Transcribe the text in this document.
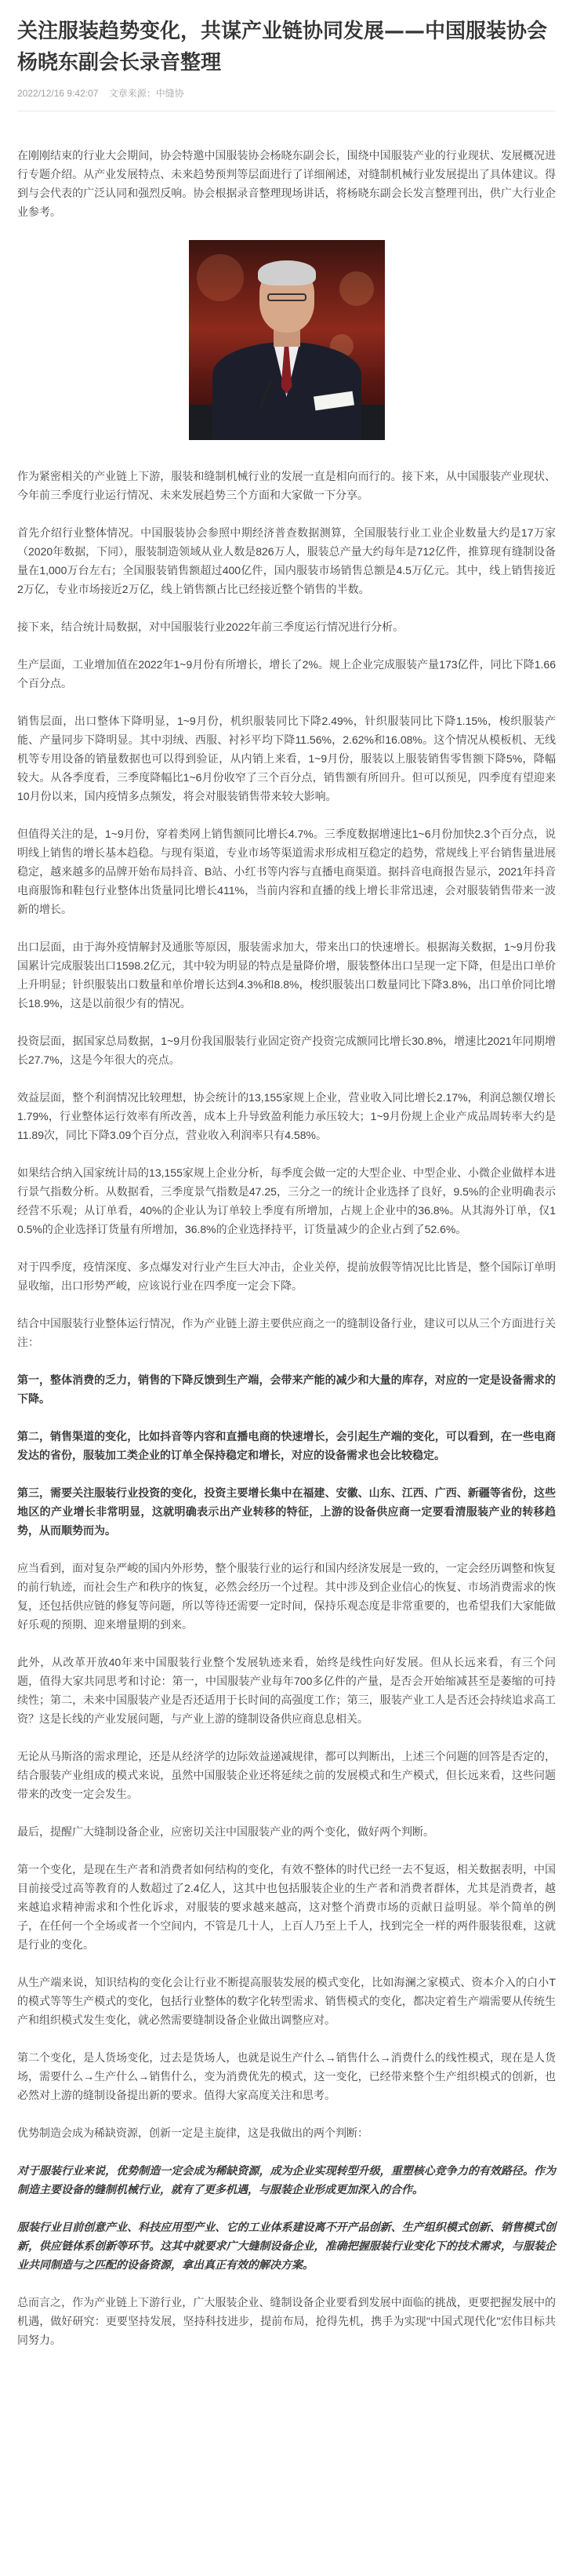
关注服装趋势变化，共谋产业链协同发展——中国服装协会杨晓东副会长录音整理
2022/12/16 9:42:07 文章来源：中缝协

在刚刚结束的行业大会期间，协会特邀中国服装协会杨晓东副会长，围绕中国服装产业的行业现状、发展概况进行专题介绍。从产业发展特点、未来趋势预判等层面进行了详细阐述，对缝制机械行业发展提出了具体建议。得到与会代表的广泛认同和强烈反响。协会根据录音整理现场讲话，将杨晓东副会长发言整理刊出，供广大行业企业参考。

作为紧密相关的产业链上下游，服装和缝制机械行业的发展一直是相向而行的。接下来，从中国服装产业现状、今年前三季度行业运行情况、未来发展趋势三个方面和大家做一下分享。

首先介绍行业整体情况。中国服装协会参照中期经济普查数据测算，全国服装行业工业企业数量大约是17万家（2020年数据，下同），服装制造领域从业人数是826万人，服装总产量大约每年是712亿件，推算现有缝制设备量在1,000万台左右；全国服装销售额超过400亿件，国内服装市场销售总额是4.5万亿元。其中，线上销售接近2万亿，专业市场接近2万亿，线上销售额占比已经接近整个销售的半数。

接下来，结合统计局数据，对中国服装行业2022年前三季度运行情况进行分析。

生产层面，工业增加值在2022年1~9月份有所增长，增长了2%。规上企业完成服装产量173亿件，同比下降1.66个百分点。

销售层面，出口整体下降明显，1~9月份，机织服装同比下降2.49%，针织服装同比下降1.15%，梭织服装产能、产量同步下降明显。其中羽绒、西服、衬衫平均下降11.56%，2.62%和16.08%。这个情况从模板机、无线机等专用设备的销量数据也可以得到验证，从内销上来看，1~9月份，服装以上服装销售零售额下降5%，降幅较大。从各季度看，三季度降幅比1~6月份收窄了三个百分点，销售额有所回升。但可以预见，四季度有望迎来10月份以来，国内疫情多点频发，将会对服装销售带来较大影响。

但值得关注的是，1~9月份，穿着类网上销售额同比增长4.7%。三季度数据增速比1~6月份加快2.3个百分点，说明线上销售的增长基本趋稳。与现有渠道，专业市场等渠道需求形成相互稳定的趋势，常规线上平台销售量进展稳定，越来越多的品牌开始布局抖音、B站、小红书等内容与直播电商渠道。据抖音电商报告显示，2021年抖音电商服饰和鞋包行业整体出货量同比增长411%，当前内容和直播的线上增长非常迅速，会对服装销售带来一波新的增长。

出口层面，由于海外疫情解封及通胀等原因，服装需求加大，带来出口的快速增长。根据海关数据，1~9月份我国累计完成服装出口1598.2亿元，其中较为明显的特点是量降价增，服装整体出口呈现一定下降，但是出口单价上升明显；针织服装出口数量和单价增长达到4.3%和8.8%，梭织服装出口数量同比下降3.8%，出口单价同比增长18.9%，这是以前很少有的情况。

投资层面，据国家总局数据，1~9月份我国服装行业固定资产投资完成额同比增长30.8%，增速比2021年同期增长27.7%，这是今年很大的亮点。

效益层面，整个利润情况比较理想，协会统计的13,155家规上企业，营业收入同比增长2.17%，利润总额仅增长1.79%，行业整体运行效率有所改善，成本上升导致盈利能力承压较大；1~9月份规上企业产成品周转率大约是11.89次，同比下降3.09个百分点，营业收入利润率只有4.58%。

如果结合纳入国家统计局的13,155家规上企业分析，每季度会做一定的大型企业、中型企业、小微企业做样本进行景气指数分析。从数据看，三季度景气指数是47.25，三分之一的统计企业选择了良好，9.5%的企业明确表示经营不乐观；从订单看，40%的企业认为订单较上季度有所增加，占规上企业中的36.8%。从其海外订单，仅10.5%的企业选择订货量有所增加，36.8%的企业选择持平，订货量减少的企业占到了52.6%。

对于四季度，疫情深度、多点爆发对行业产生巨大冲击，企业关停，提前放假等情况比比皆是，整个国际订单明显收缩，出口形势严峻，应该说行业在四季度一定会下降。

结合中国服装行业整体运行情况，作为产业链上游主要供应商之一的缝制设备行业，建议可以从三个方面进行关注：

第一，整体消费的乏力，销售的下降反馈到生产端，会带来产能的减少和大量的库存，对应的一定是设备需求的下降。

第二，销售渠道的变化，比如抖音等内容和直播电商的快速增长，会引起生产端的变化，可以看到，在一些电商发达的省份，服装加工类企业的订单全保持稳定和增长，对应的设备需求也会比较稳定。

第三，需要关注服装行业投资的变化，投资主要增长集中在福建、安徽、山东、江西、广西、新疆等省份，这些地区的产业增长非常明显，这就明确表示出产业转移的特征，上游的设备供应商一定要看清服装产业的转移趋势，从而顺势而为。

应当看到，面对复杂严峻的国内外形势，整个服装行业的运行和国内经济发展是一致的，一定会经历调整和恢复的前行轨迹，而社会生产和秩序的恢复，必然会经历一个过程。其中涉及到企业信心的恢复、市场消费需求的恢复，还包括供应链的修复等问题，所以等待还需要一定时间，保持乐观态度是非常重要的，也希望我们大家能做好乐观的预期、迎来增量期的到来。

此外，从改革开放40年来中国服装行业整个发展轨迹来看，始终是线性向好发展。但从长远来看，有三个问题，值得大家共同思考和讨论：第一，中国服装产业每年700多亿件的产量，是否会开始缩减甚至是萎缩的可持续性；第二，未来中国服装产业是否还适用于长时间的高强度工作；第三，服装产业工人是否还会持续追求高工资？这是长线的产业发展问题，与产业上游的缝制设备供应商息息相关。

无论从马斯洛的需求理论，还是从经济学的边际效益递减规律，都可以判断出，上述三个问题的回答是否定的，结合服装产业组成的模式来说，虽然中国服装企业还将延续之前的发展模式和生产模式，但长远来看，这些问题带来的改变一定会发生。

最后，提醒广大缝制设备企业，应密切关注中国服装产业的两个变化，做好两个判断。

第一个变化，是现在生产者和消费者如何结构的变化，有效不整体的时代已经一去不复返，相关数据表明，中国目前接受过高等教育的人数超过了2.4亿人，这其中也包括服装企业的生产者和消费者群体，尤其是消费者，越来越追求精神需求和个性化诉求，对服装的要求越来越高，这对整个消费市场的贡献日益明显。举个简单的例子，在任何一个全场或者一个空间内，不管是几十人，上百人乃至上千人，找到完全一样的两件服装很难，这就是行业的变化。

从生产端来说，知识结构的变化会让行业不断提高服装发展的模式变化，比如海澜之家模式、资本介入的白小T的模式等等生产模式的变化，包括行业整体的数字化转型需求、销售模式的变化，都决定着生产端需要从传统生产和组织模式发生变化，就必然需要缝制设备企业做出调整应对。

第二个变化，是人货场变化，过去是货场人，也就是说生产什么→销售什么→消费什么的线性模式，现在是人货场，需要什么→生产什么→销售什么，变为消费优先的模式，这一变化，已经带来整个生产组织模式的创新，也必然对上游的缝制设备提出新的要求。值得大家高度关注和思考。

优势制造会成为稀缺资源，创新一定是主旋律，这是我做出的两个判断：

对于服装行业来说，优势制造一定会成为稀缺资源，成为企业实现转型升级，重塑核心竞争力的有效路径。作为制造主要设备的缝制机械行业，就有了更多机遇，与服装企业形成更加深入的合作。

服装行业目前创意产业、科技应用型产业、它的工业体系建设离不开产品创新、生产组织模式创新、销售模式创新，供应链体系创新等环节。这其中就要求广大缝制设备企业，准确把握服装行业变化下的技术需求，与服装企业共同制造与之匹配的设备资源，拿出真正有效的解决方案。

总而言之，作为产业链上下游行业，广大服装企业、缝制设备企业要看到发展中面临的挑战，更要把握发展中的机遇，做好研究：更要坚持发展，坚持科技进步，提前布局，抢得先机，携手为实现"中国式现代化"宏伟目标共同努力。
